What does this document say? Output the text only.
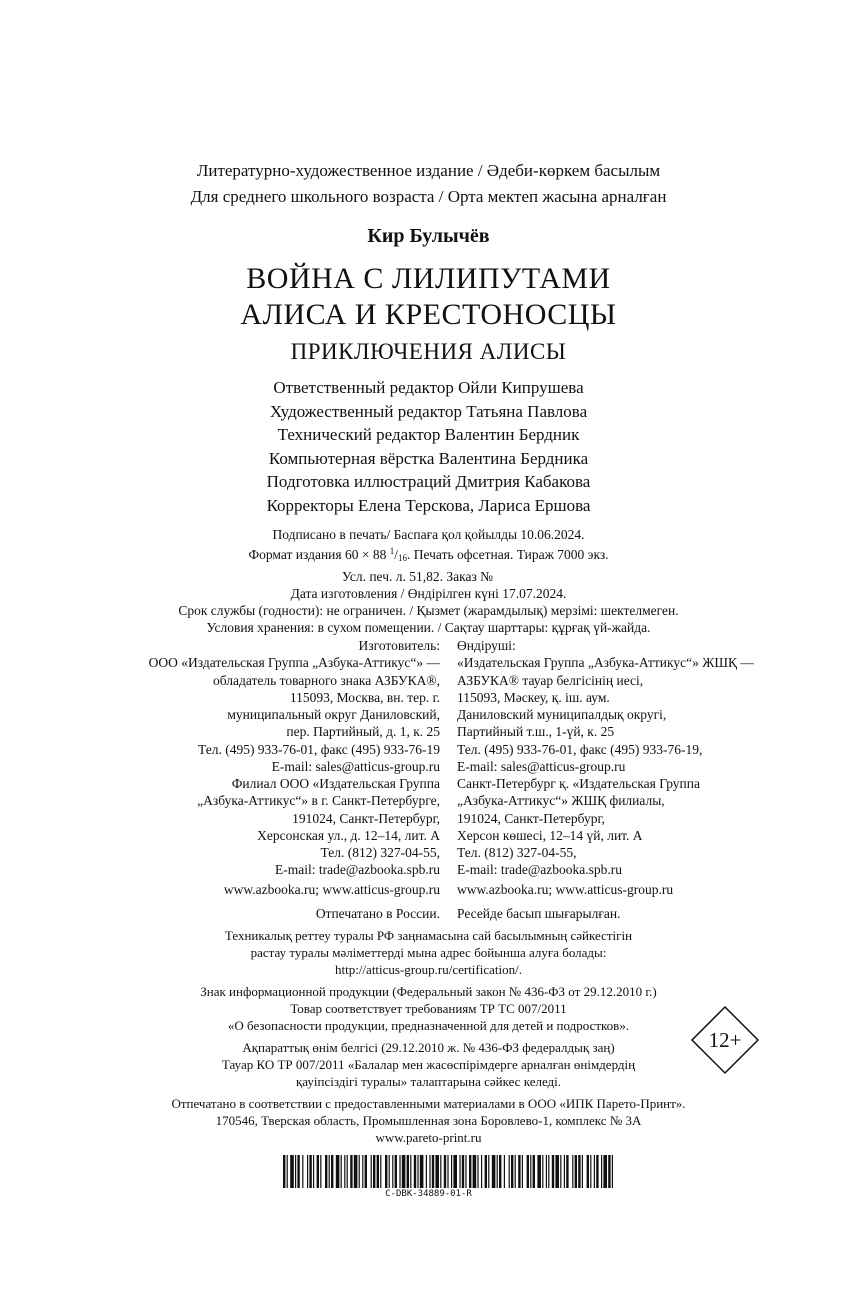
Литературно-художественное издание / Әдеби-көркем басылым
Для среднего школьного возраста / Орта мектеп жасына арналған
Кир Булычёв
ВОЙНА С ЛИЛИПУТАМИ
АЛИСА И КРЕСТОНОСЦЫ
ПРИКЛЮЧЕНИЯ АЛИСЫ
Ответственный редактор Ойли Кипрушева
Художественный редактор Татьяна Павлова
Технический редактор Валентин Бердник
Компьютерная вёрстка Валентина Бердника
Подготовка иллюстраций Дмитрия Кабакова
Корректоры Елена Терскова, Лариса Ершова
Подписано в печать/ Баспаға қол қойылды 10.06.2024.
Формат издания 60 × 88 $^1/_{16}$. Печать офсетная. Тираж 7000 экз.
Усл. печ. л. 51,82. Заказ №
Дата изготовления / Өндірілген күні 17.07.2024.
Срок службы (годности): не ограничен. / Қызмет (жарамдылық) мерзімі: шектелмеген.
Условия хранения: в сухом помещении. / Сақтау шарттары: құрғақ үй-жайда.
Изготовитель:
ООО «Издательская Группа „Азбука-Аттикус“» —
обладатель товарного знака АЗБУКА®,
115093, Москва, вн. тер. г.
муниципальный округ Даниловский,
пер. Партийный, д. 1, к. 25
Тел. (495) 933-76-01, факс (495) 933-76-19
E-mail: sales@atticus-group.ru
Өндіруші:
«Издательская Группа „Азбука-Аттикус“» ЖШҚ —
АЗБУКА® тауар белгісінің иесі,
115093, Мәскеу, қ. іш. аум.
Даниловский муниципалдық округі,
Партийный т.ш., 1-үй, к. 25
Тел. (495) 933-76-01, факс (495) 933-76-19,
E-mail: sales@atticus-group.ru
Филиал ООО «Издательская Группа
„Азбука-Аттикус“» в г. Санкт-Петербурге,
191024, Санкт-Петербург,
Херсонская ул., д. 12–14, лит. А
Тел. (812) 327-04-55,
E-mail: trade@azbooka.spb.ru
Санкт-Петербург қ. «Издательская Группа
„Азбука-Аттикус“» ЖШҚ филиалы,
191024, Санкт-Петербург,
Херсон көшесі, 12–14 үй, лит. А
Тел. (812) 327-04-55,
E-mail: trade@azbooka.spb.ru
www.azbooka.ru; www.atticus-group.ru www.azbooka.ru; www.atticus-group.ru
Отпечатано в России. Ресейде басып шығарылған.
Техникалық реттеу туралы РФ заңнамасына сай басылымның сәйкестігін
растау туралы мәліметтерді мына адрес бойынша алуға болады:
http://atticus-group.ru/certification/.
Знак информационной продукции (Федеральный закон № 436-ФЗ от 29.12.2010 г.)
Товар соответствует требованиям ТР ТС 007/2011
«О безопасности продукции, предназначенной для детей и подростков».
Ақпараттық өнім белгісі (29.12.2010 ж. № 436-ФЗ федералдық заң)
Тауар КО ТР 007/2011 «Балалар мен жасөспірімдерге арналған өнімдердің
қауіпсіздігі туралы» талаптарына сәйкес келеді.
12+
Отпечатано в соответствии с предоставленными материалами в ООО «ИПК Парето-Принт».
170546, Тверская область, Промышленная зона Боровлево-1, комплекс № 3А
www.pareto-print.ru
C-DBK-34889-01-R
